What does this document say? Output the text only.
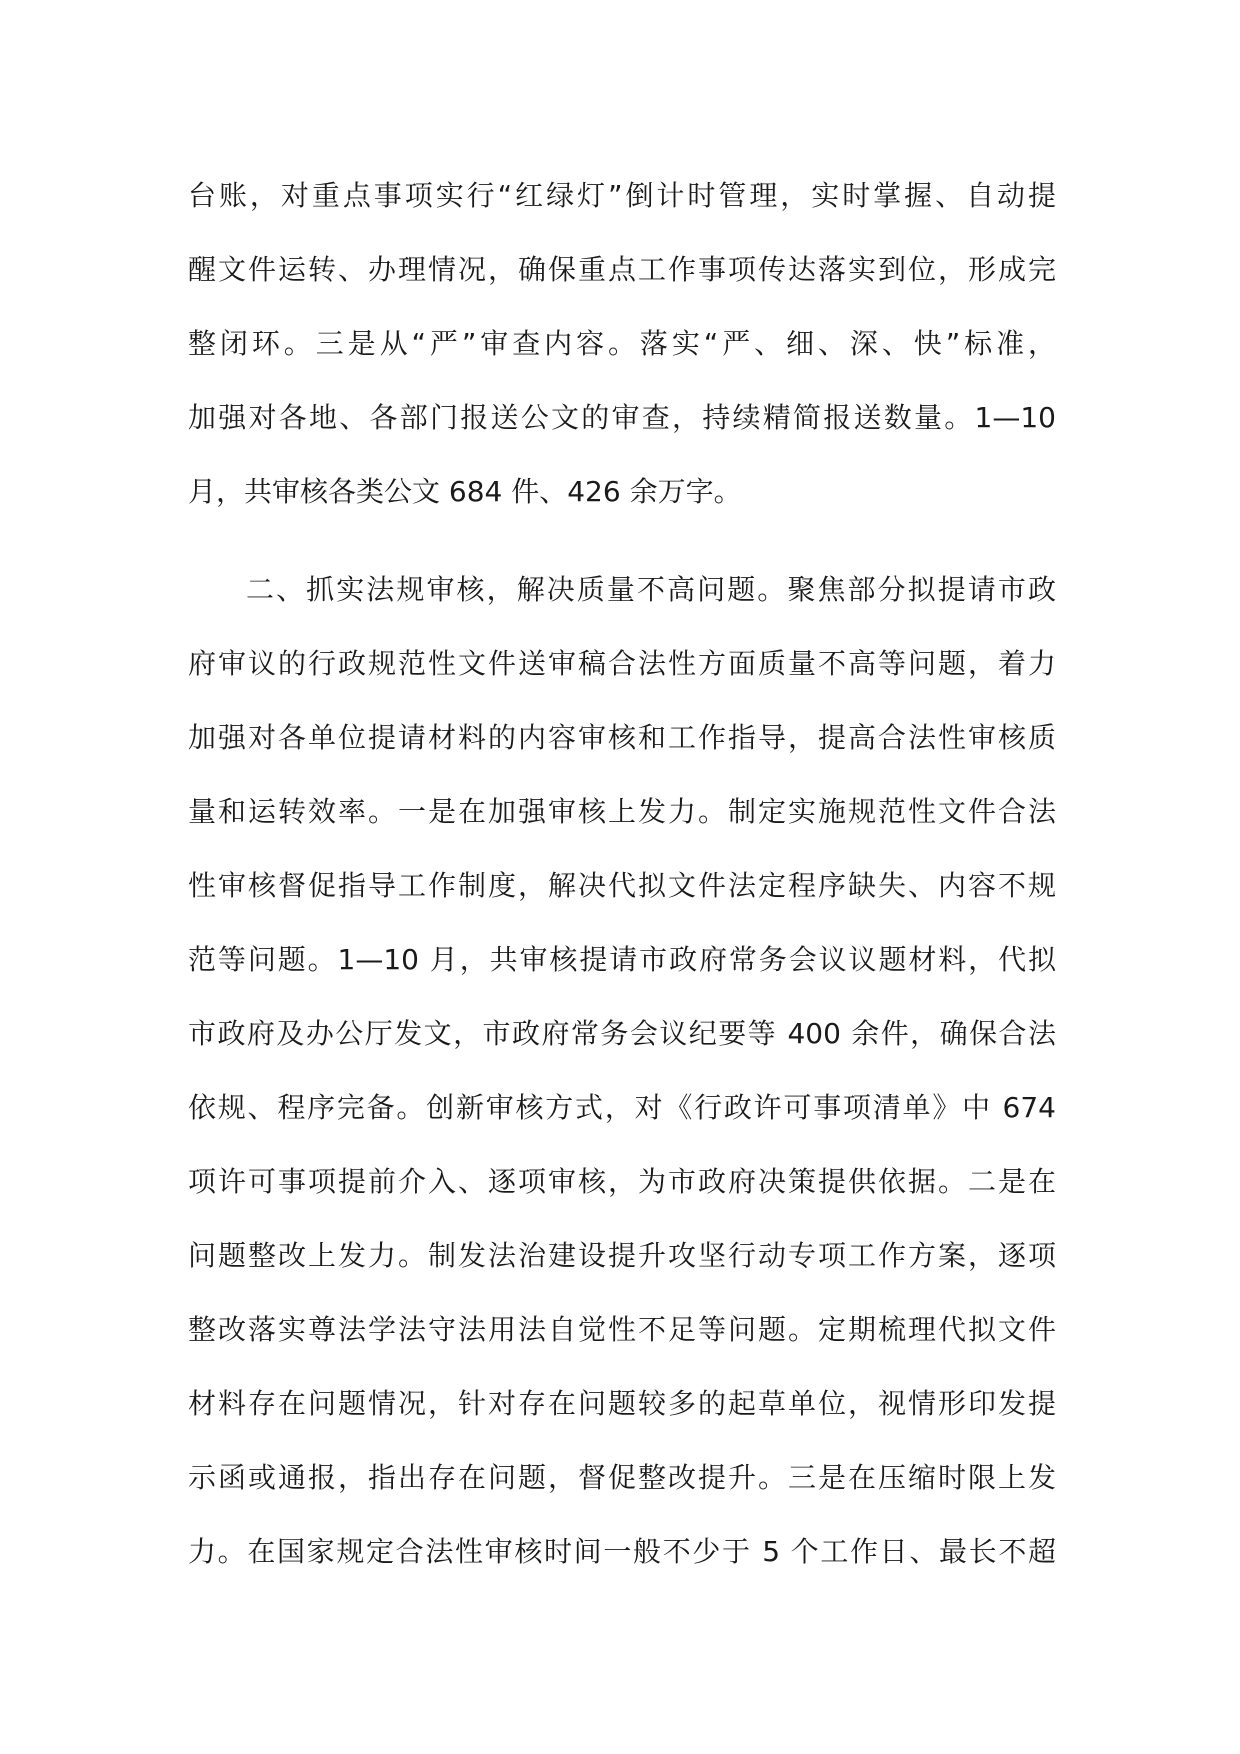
台账，对重点事项实行“红绿灯”倒计时管理，实时掌握、自动提
醒文件运转、办理情况，确保重点工作事项传达落实到位，形成完
整闭环。三是从“严”审查内容。落实“严、细、深、快”标准，
加强对各地、各部门报送公文的审查，持续精简报送数量。1—10
月，共审核各类公文 684 件、426 余万字。
二、抓实法规审核，解决质量不高问题。聚焦部分拟提请市政
府审议的行政规范性文件送审稿合法性方面质量不高等问题，着力
加强对各单位提请材料的内容审核和工作指导，提高合法性审核质
量和运转效率。一是在加强审核上发力。制定实施规范性文件合法
性审核督促指导工作制度，解决代拟文件法定程序缺失、内容不规
范等问题。1—10 月，共审核提请市政府常务会议议题材料，代拟
市政府及办公厅发文，市政府常务会议纪要等 400 余件，确保合法
依规、程序完备。创新审核方式，对《行政许可事项清单》中 674
项许可事项提前介入、逐项审核，为市政府决策提供依据。二是在
问题整改上发力。制发法治建设提升攻坚行动专项工作方案，逐项
整改落实尊法学法守法用法自觉性不足等问题。定期梳理代拟文件
材料存在问题情况，针对存在问题较多的起草单位，视情形印发提
示函或通报，指出存在问题，督促整改提升。三是在压缩时限上发
力。在国家规定合法性审核时间一般不少于 5 个工作日、最长不超
